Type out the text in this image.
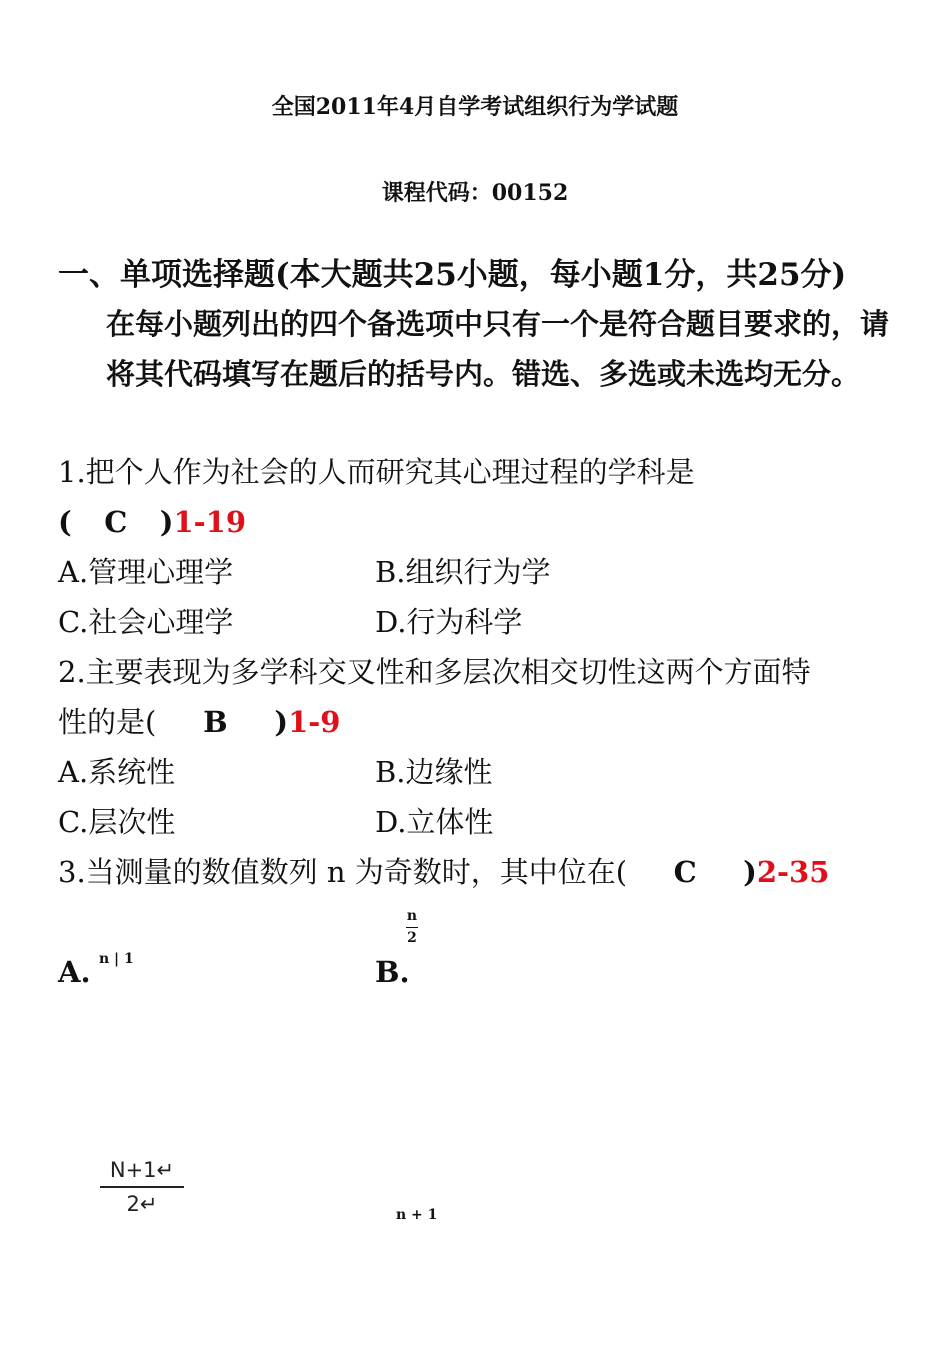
全国2011年4月自学考试组织行为学试题
课程代码：00152
一、单项选择题(本大题共25小题，每小题1分，共25分)
在每小题列出的四个备选项中只有一个是符合题目要求的，请将其代码填写在题后的括号内。错选、多选或未选均无分。
1.把个人作为社会的人而研究其心理过程的学科是
( C )1-19
A.管理心理学	B.组织行为学
C.社会心理学	D.行为科学
2.主要表现为多学科交叉性和多层次相交切性这两个方面特
性的是( B )1-9
A.系统性	B.边缘性
C.层次性	D.立体性
3.当测量的数值数列 n 为奇数时，其中位在( C )2-35
A. n | 1	B.
n
2
N+1↵
2↵	n + 1
